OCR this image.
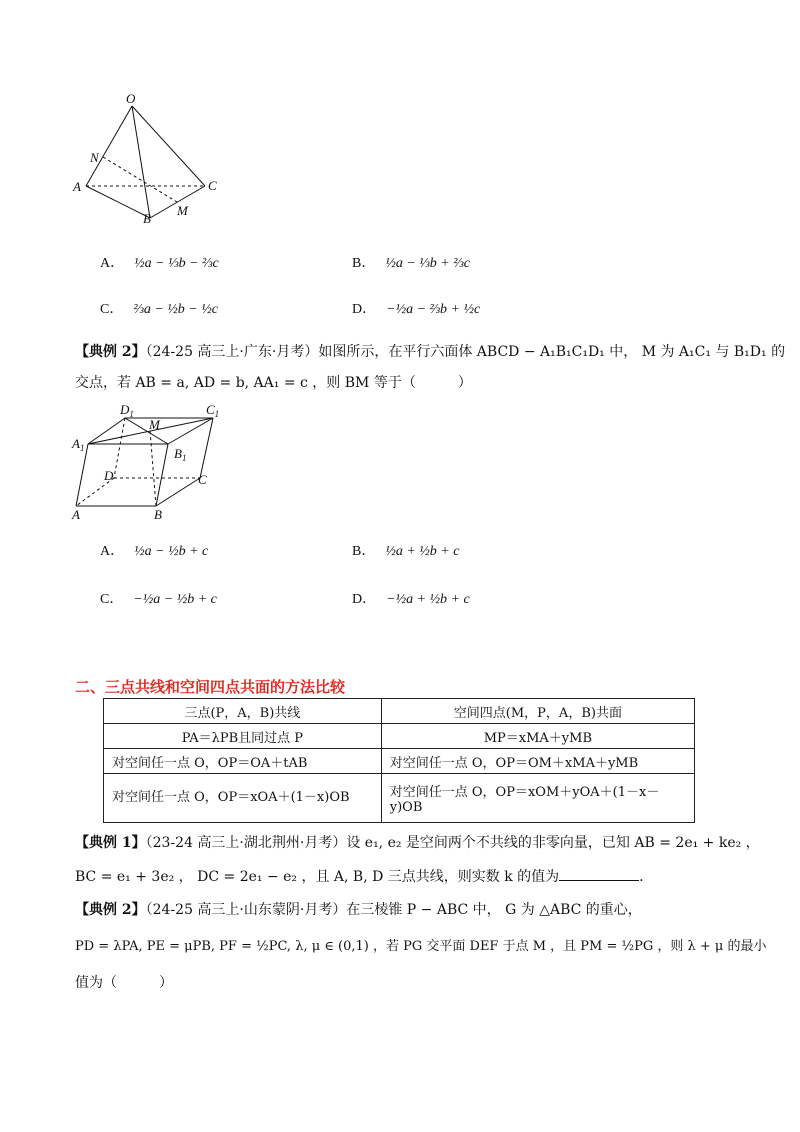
O
N
A
B
C
M
A． ½a − ⅓b − ⅔c	B． ½a − ⅓b + ⅔c
C． ⅔a − ½b − ½c	D． −½a − ⅔b + ½c
【典例 2】（24-25 高三上·广东·月考）如图所示，在平行六面体 ABCD − A₁B₁C₁D₁ 中， M 为 A₁C₁ 与 B₁D₁ 的
交点，若 AB = a, AD = b, AA₁ = c ，则 BM 等于（　　　）
$D_1$	$C_1$
$A_1$
M
$B_1$
D	C
A	B
A． ½a − ½b + c	B． ½a + ½b + c
C． −½a − ½b + c	D． −½a + ½b + c
二、三点共线和空间四点共面的方法比较
三点(P，A，B)共线	空间四点(M，P，A，B)共面
PA＝λPB且同过点 P	MP＝xMA＋yMB
对空间任一点 O，OP＝OA＋tAB	对空间任一点 O，OP＝OM＋xMA＋yMB
对空间任一点 O，OP＝xOA＋(1－x)OB	对空间任一点 O，OP＝xOM＋yOA＋(1－x－y)OB
【典例 1】（23-24 高三上·湖北荆州·月考）设 e₁, e₂ 是空间两个不共线的非零向量，已知 AB = 2e₁ + ke₂ ，
BC = e₁ + 3e₂ ， DC = 2e₁ − e₂ ，且 A, B, D 三点共线，则实数 k 的值为	．
【典例 2】（24-25 高三上·山东蒙阴·月考）在三棱锥 P − ABC 中， G 为 △ABC 的重心，
PD = λPA, PE = μPB, PF = ½PC, λ, μ ∈ (0,1) ，若 PG 交平面 DEF 于点 M ，且 PM = ½PG ，则 λ + μ 的最小
值为（　　　）
